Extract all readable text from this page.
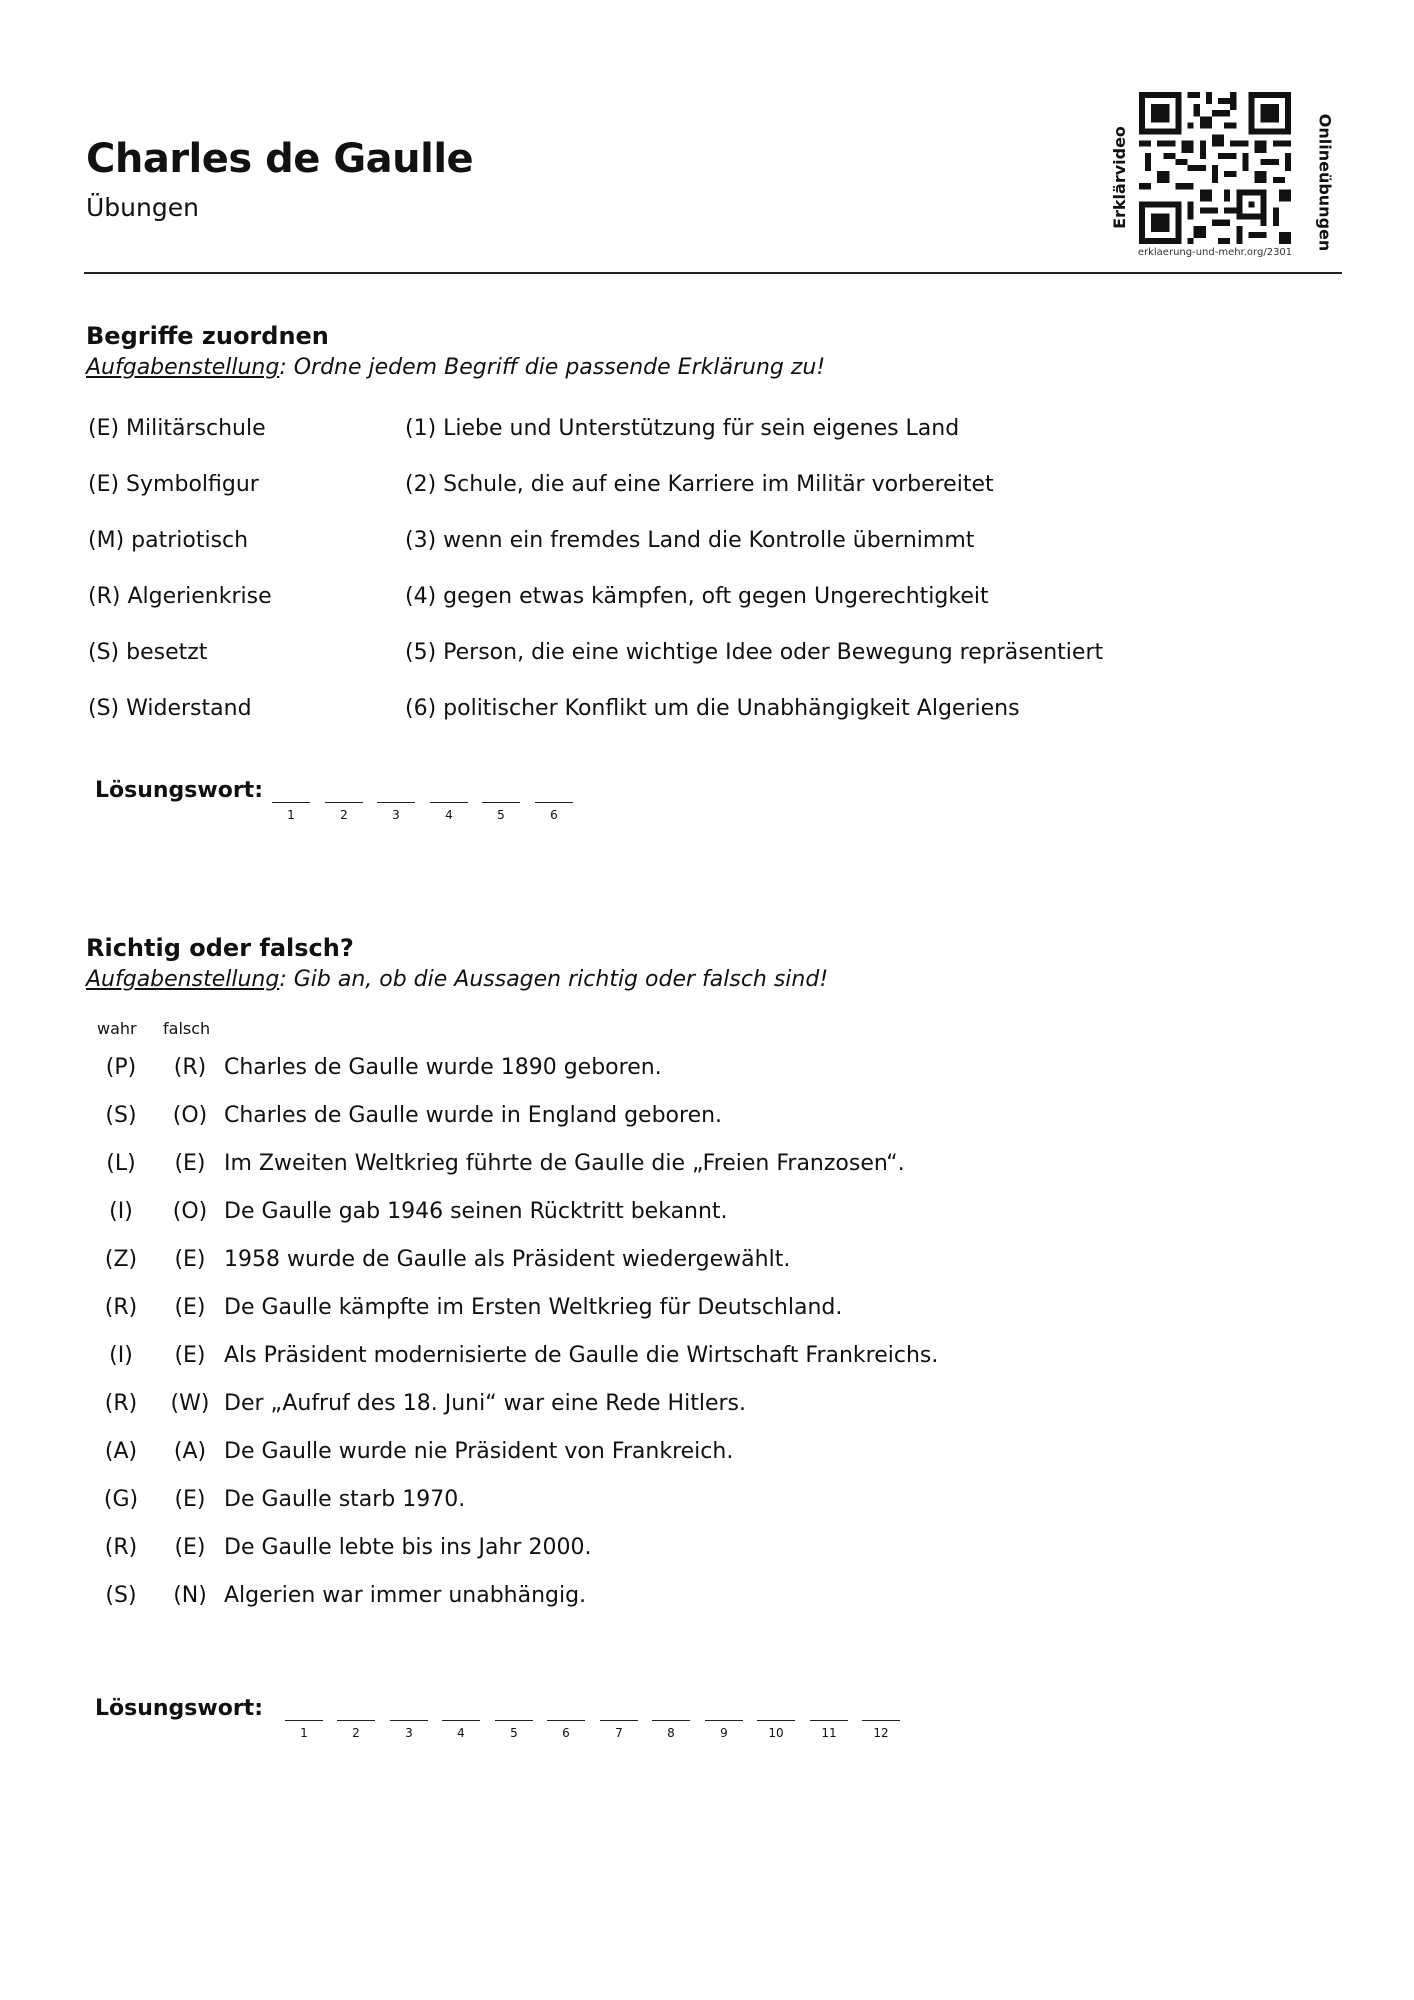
Charles de Gaulle
Übungen	Erklärvideo
erklaerung-und-mehr.org/2301
Onlineübungen
Begriffe zuordnen
Aufgabenstellung: Ordne jedem Begriff die passende Erklärung zu!
(E) Militärschule	(1) Liebe und Unterstützung für sein eigenes Land
(E) Symbolfigur	(2) Schule, die auf eine Karriere im Militär vorbereitet
(M) patriotisch	(3) wenn ein fremdes Land die Kontrolle übernimmt
(R) Algerienkrise	(4) gegen etwas kämpfen, oft gegen Ungerechtigkeit
(S) besetzt	(5) Person, die eine wichtige Idee oder Bewegung repräsentiert
(S) Widerstand	(6) politischer Konflikt um die Unabhängigkeit Algeriens
Lösungswort:
1	2	3	4	5	6
Richtig oder falsch?
Aufgabenstellung: Gib an, ob die Aussagen richtig oder falsch sind!
wahr falsch
(P)	(R) Charles de Gaulle wurde 1890 geboren.
(S)	(O) Charles de Gaulle wurde in England geboren.
(L)	(E) Im Zweiten Weltkrieg führte de Gaulle die „Freien Franzosen“.
(I)	(O) De Gaulle gab 1946 seinen Rücktritt bekannt.
(Z)	(E) 1958 wurde de Gaulle als Präsident wiedergewählt.
(R)	(E) De Gaulle kämpfte im Ersten Weltkrieg für Deutschland.
(I)	(E) Als Präsident modernisierte de Gaulle die Wirtschaft Frankreichs.
(R)	(W) Der „Aufruf des 18. Juni“ war eine Rede Hitlers.
(A)	(A) De Gaulle wurde nie Präsident von Frankreich.
(G)	(E) De Gaulle starb 1970.
(R)	(E) De Gaulle lebte bis ins Jahr 2000.
(S)	(N) Algerien war immer unabhängig.
Lösungswort:
1	2	3	4	5	6	7	8	9	10	11	12
